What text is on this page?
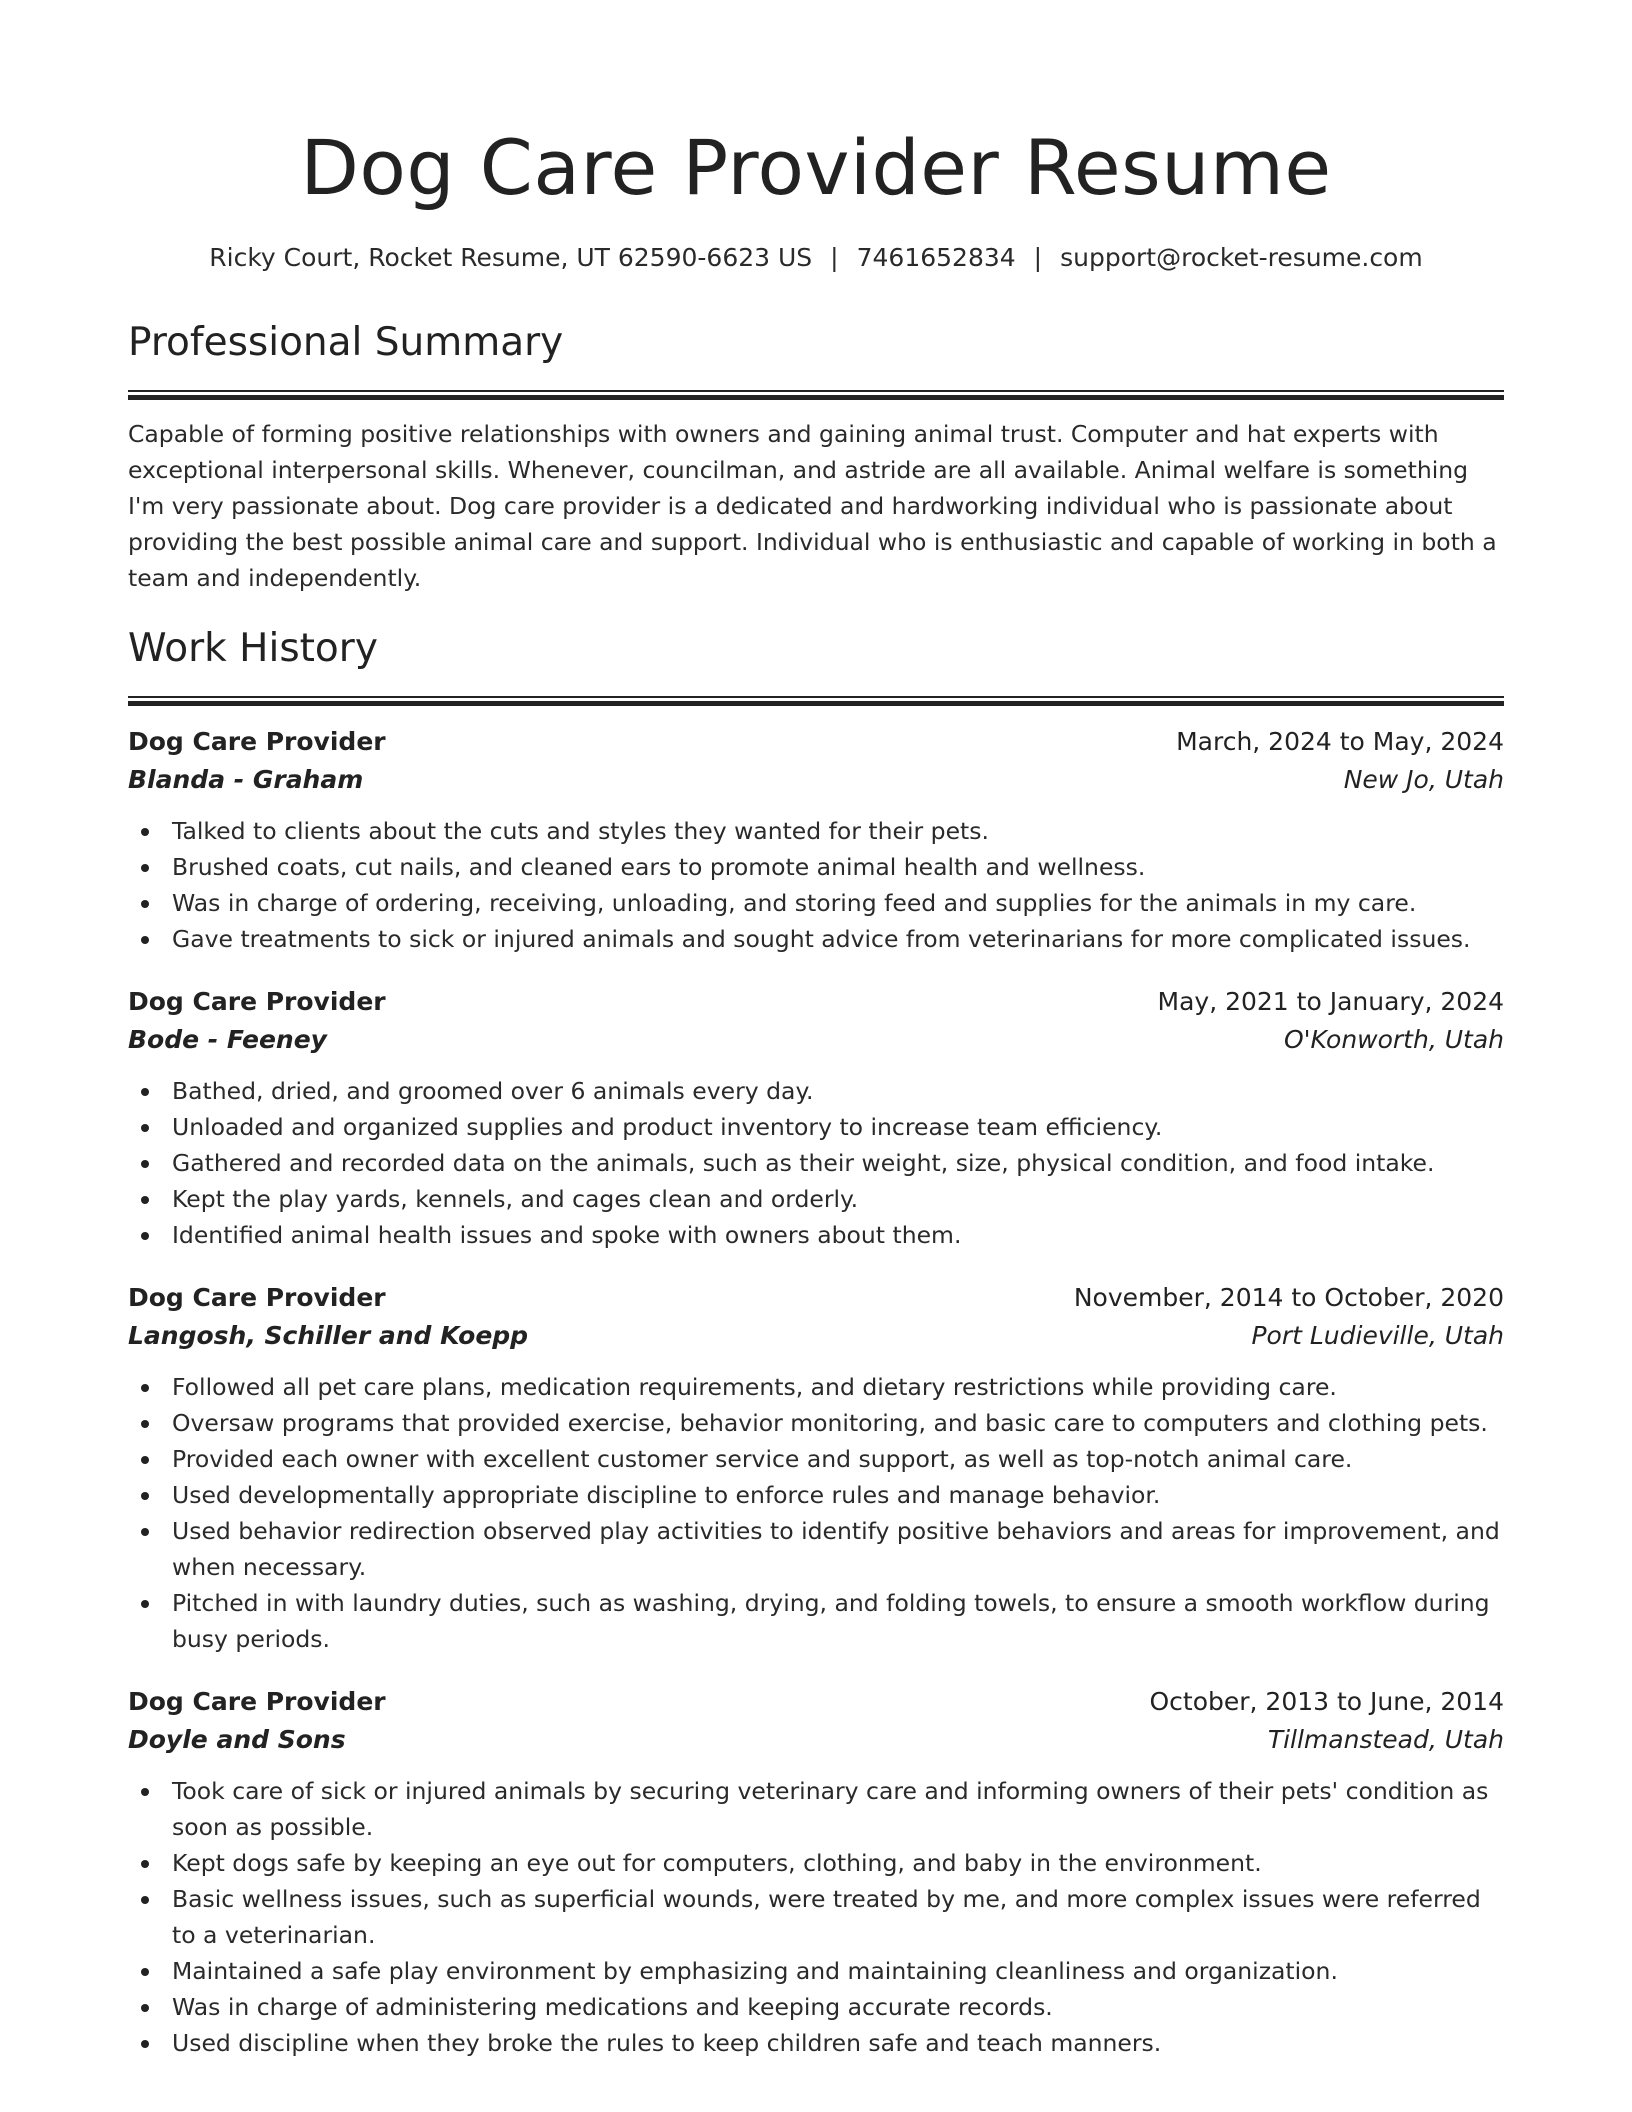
Dog Care Provider Resume
Ricky Court, Rocket Resume, UT 62590-6623 US | 7461652834 | support@rocket-resume.com
Professional Summary
Capable of forming positive relationships with owners and gaining animal trust. Computer and hat experts with exceptional interpersonal skills. Whenever, councilman, and astride are all available. Animal welfare is something I'm very passionate about. Dog care provider is a dedicated and hardworking individual who is passionate about providing the best possible animal care and support. Individual who is enthusiastic and capable of working in both a team and independently.
Work History
Dog Care Provider	March, 2024 to May, 2024
Blanda - Graham	New Jo, Utah
Talked to clients about the cuts and styles they wanted for their pets.
Brushed coats, cut nails, and cleaned ears to promote animal health and wellness.
Was in charge of ordering, receiving, unloading, and storing feed and supplies for the animals in my care.
Gave treatments to sick or injured animals and sought advice from veterinarians for more complicated issues.
Dog Care Provider	May, 2021 to January, 2024
Bode - Feeney	O'Konworth, Utah
Bathed, dried, and groomed over 6 animals every day.
Unloaded and organized supplies and product inventory to increase team efficiency.
Gathered and recorded data on the animals, such as their weight, size, physical condition, and food intake.
Kept the play yards, kennels, and cages clean and orderly.
Identified animal health issues and spoke with owners about them.
Dog Care Provider	November, 2014 to October, 2020
Langosh, Schiller and Koepp	Port Ludieville, Utah
Followed all pet care plans, medication requirements, and dietary restrictions while providing care.
Oversaw programs that provided exercise, behavior monitoring, and basic care to computers and clothing pets.
Provided each owner with excellent customer service and support, as well as top-notch animal care.
Used developmentally appropriate discipline to enforce rules and manage behavior.
Used behavior redirection observed play activities to identify positive behaviors and areas for improvement, and when necessary.
Pitched in with laundry duties, such as washing, drying, and folding towels, to ensure a smooth workflow during busy periods.
Dog Care Provider	October, 2013 to June, 2014
Doyle and Sons	Tillmanstead, Utah
Took care of sick or injured animals by securing veterinary care and informing owners of their pets' condition as soon as possible.
Kept dogs safe by keeping an eye out for computers, clothing, and baby in the environment.
Basic wellness issues, such as superficial wounds, were treated by me, and more complex issues were referred to a veterinarian.
Maintained a safe play environment by emphasizing and maintaining cleanliness and organization.
Was in charge of administering medications and keeping accurate records.
Used discipline when they broke the rules to keep children safe and teach manners.
